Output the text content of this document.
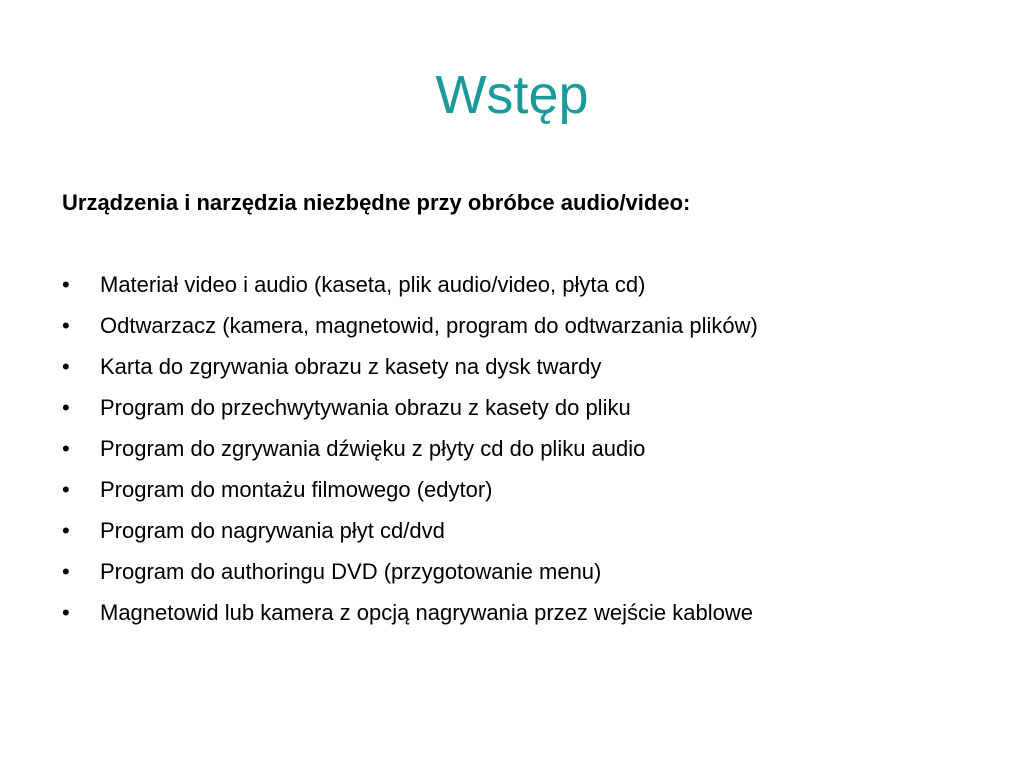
Wstęp

Urządzenia i narzędzia niezbędne przy obróbce audio/video:

•	Materiał video i audio (kaseta, plik audio/video, płyta cd)
•	Odtwarzacz (kamera, magnetowid, program do odtwarzania plików)
•	Karta do zgrywania obrazu z kasety na dysk twardy
•	Program do przechwytywania obrazu z kasety do pliku
•	Program do zgrywania dźwięku z płyty cd do pliku audio
•	Program do montażu filmowego (edytor)
•	Program do nagrywania płyt cd/dvd
•	Program do authoringu DVD (przygotowanie menu)
•	Magnetowid lub kamera z opcją nagrywania przez wejście kablowe
